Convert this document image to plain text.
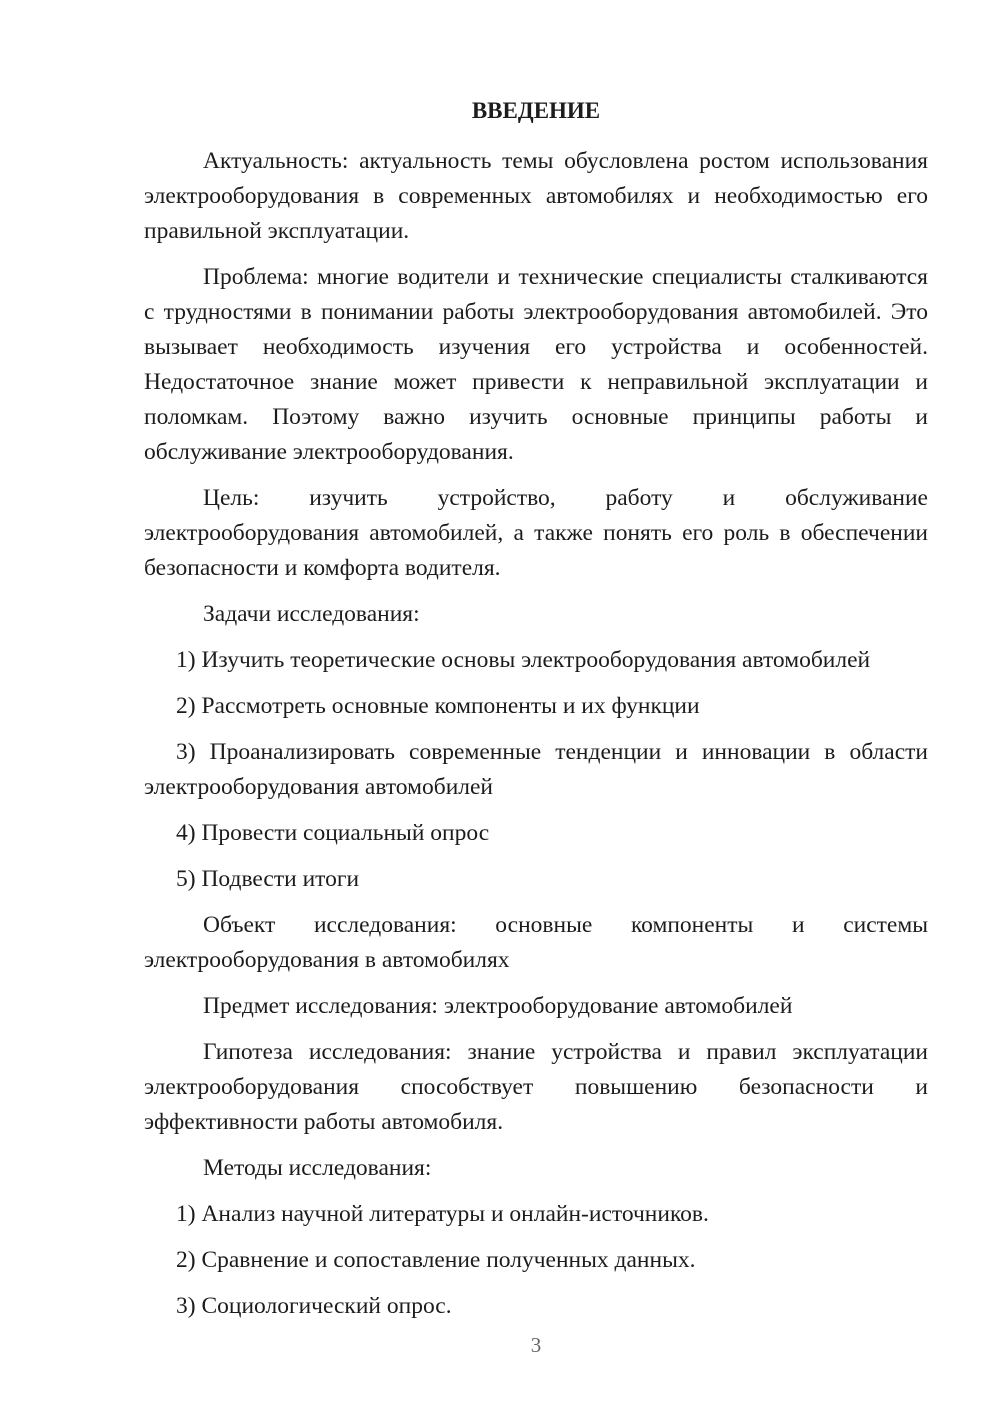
ВВЕДЕНИЕ

Актуальность: актуальность темы обусловлена ростом использования электрооборудования в современных автомобилях и необходимостью его правильной эксплуатации.

Проблема: многие водители и технические специалисты сталкиваются с трудностями в понимании работы электрооборудования автомобилей. Это вызывает необходимость изучения его устройства и особенностей. Недостаточное знание может привести к неправильной эксплуатации и поломкам. Поэтому важно изучить основные принципы работы и обслуживание электрооборудования.

Цель: изучить устройство, работу и обслуживание электрооборудования автомобилей, а также понять его роль в обеспечении безопасности и комфорта водителя.

Задачи исследования:

1) Изучить теоретические основы электрооборудования автомобилей

2) Рассмотреть основные компоненты и их функции

3) Проанализировать современные тенденции и инновации в области электрооборудования автомобилей

4) Провести социальный опрос

5) Подвести итоги

Объект исследования: основные компоненты и системы электрооборудования в автомобилях

Предмет исследования: электрооборудование автомобилей

Гипотеза исследования: знание устройства и правил эксплуатации электрооборудования способствует повышению безопасности и эффективности работы автомобиля.

Методы исследования:

1) Анализ научной литературы и онлайн-источников.

2) Сравнение и сопоставление полученных данных.

3) Социологический опрос.

3
